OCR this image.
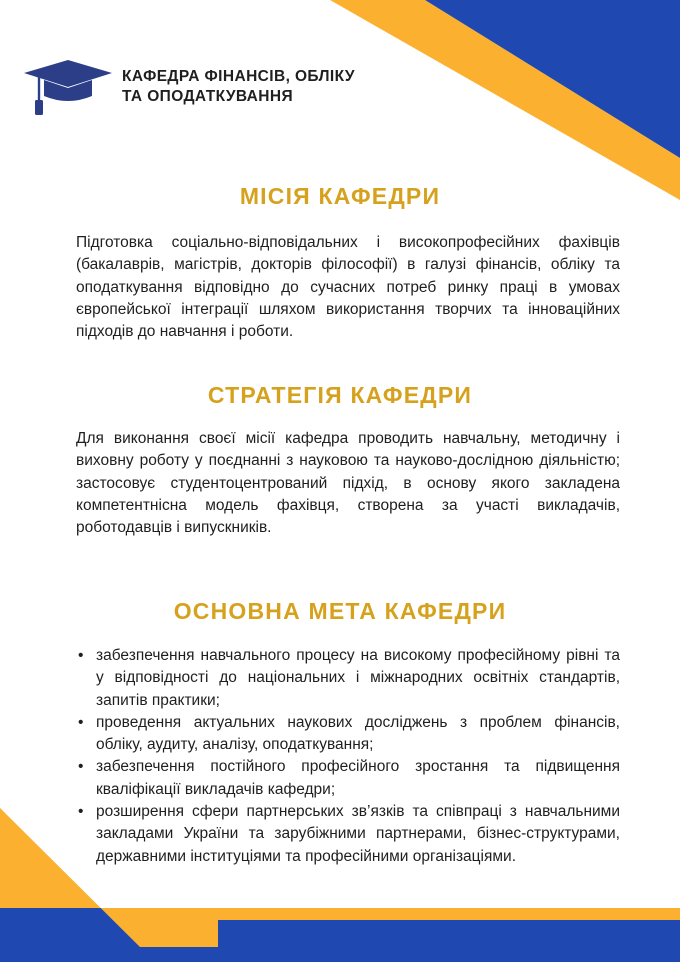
КАФЕДРА ФІНАНСІВ, ОБЛІКУ
ТА ОПОДАТКУВАННЯ
МІСІЯ КАФЕДРИ

Підготовка соціально-відповідальних і високопрофесійних фахівців (бакалаврів, магістрів, докторів філософії) в галузі фінансів, обліку та оподаткування відповідно до сучасних потреб ринку праці в умовах європейської інтеграції шляхом використання творчих та інноваційних підходів до навчання і роботи.

СТРАТЕГІЯ КАФЕДРИ

Для виконання своєї місії кафедра проводить навчальну, методичну і виховну роботу у поєднанні з науковою та науково-дослідною діяльністю; застосовує студентоцентрований підхід, в основу якого закладена компетентнісна модель фахівця, створена за участі викладачів, роботодавців і випускників.

ОСНОВНА МЕТА КАФЕДРИ
• забезпечення навчального процесу на високому професійному рівні та у відповідності до національних і міжнародних освітніх стандартів, запитів практики;
• проведення актуальних наукових досліджень з проблем фінансів, обліку, аудиту, аналізу, оподаткування;
• забезпечення постійного професійного зростання та підвищення кваліфікації викладачів кафедри;
• розширення сфери партнерських зв’язків та співпраці з навчальними закладами України та зарубіжними партнерами, бізнес-структурами, державними інституціями та професійними організаціями.
